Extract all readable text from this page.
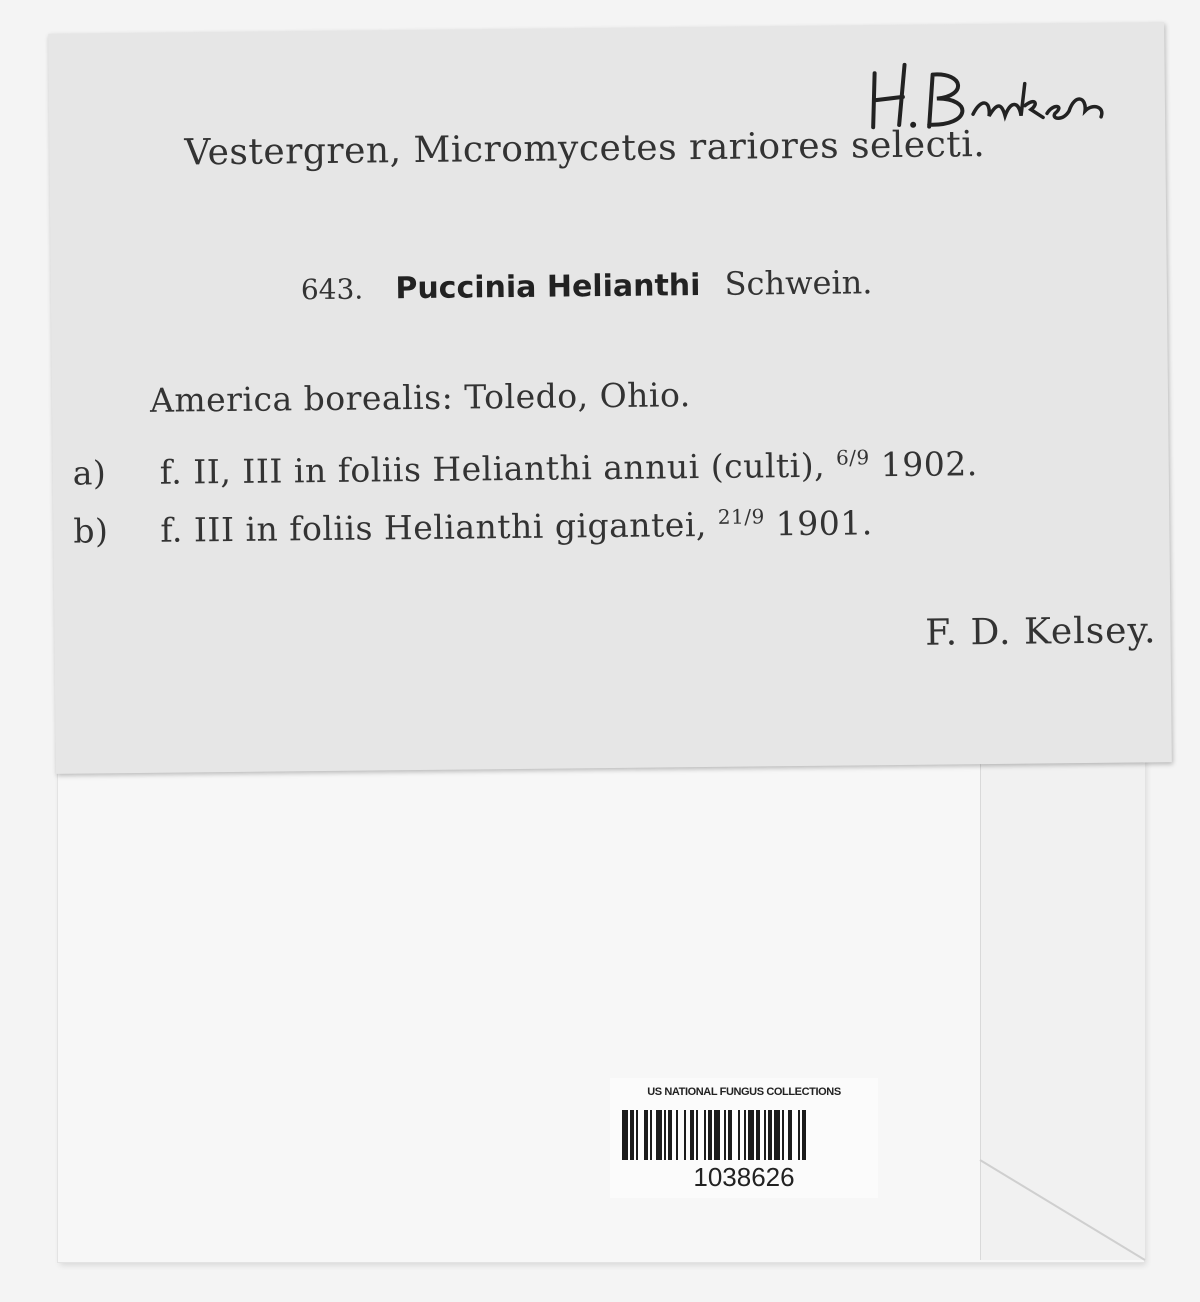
Vestergren, Micromycetes rariores selecti.
643. Puccinia Helianthi Schwein.
America borealis: Toledo, Ohio.
a) f. II, III in foliis Helianthi annui (culti), $^{6/9}$ 1902.
b) f. III in foliis Helianthi gigantei, $^{21/9}$ 1901.
F. D. Kelsey.
US NATIONAL FUNGUS COLLECTIONS
1038626
